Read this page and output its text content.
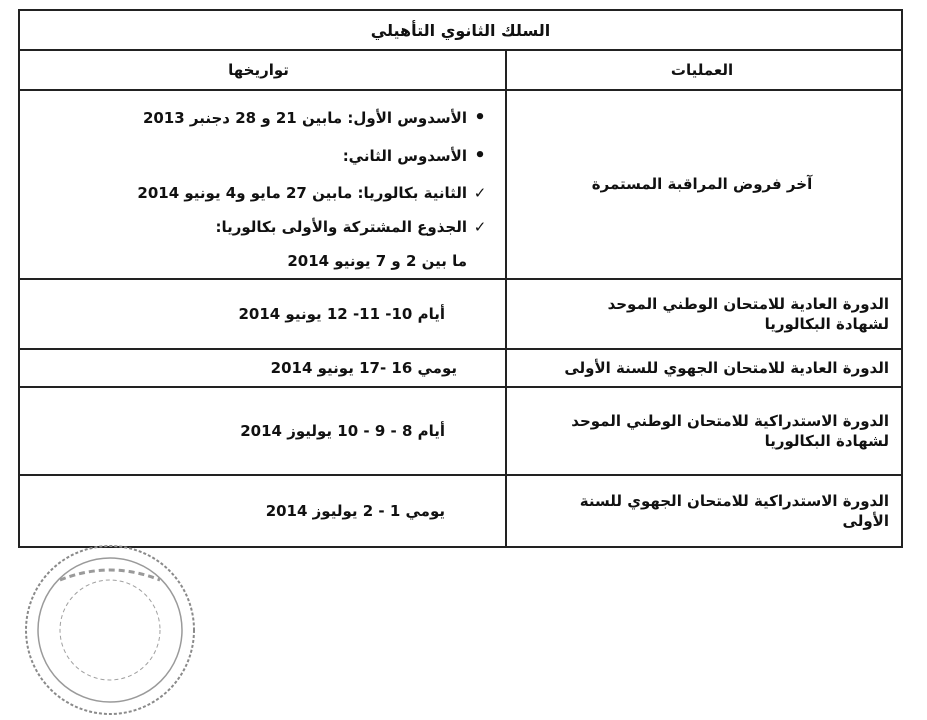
السلك الثانوي التأهيلي
العمليات
تواريخها
آخر فروض المراقبة المستمرة
• الأسدوس الأول: مابين 21 و 28 دجنبر 2013
• الأسدوس الثاني:
✓ الثانية بكالوريا: مابين 27 مايو و4 يونيو 2014
✓ الجذوع المشتركة والأولى بكالوريا:
ما بين 2 و 7 يونيو 2014
الدورة العادية للامتحان الوطني الموحد
لشهادة البكالوريا
أيام 10- 11- 12 يونيو 2014
الدورة العادية للامتحان الجهوي للسنة الأولى
يومي 16 -17 يونيو 2014
الدورة الاستدراكية للامتحان الوطني الموحد
لشهادة البكالوريا
أيام 8 - 9 - 10 يوليوز 2014
الدورة الاستدراكية للامتحان الجهوي للسنة
الأولى
يومي 1 - 2 يوليوز 2014
